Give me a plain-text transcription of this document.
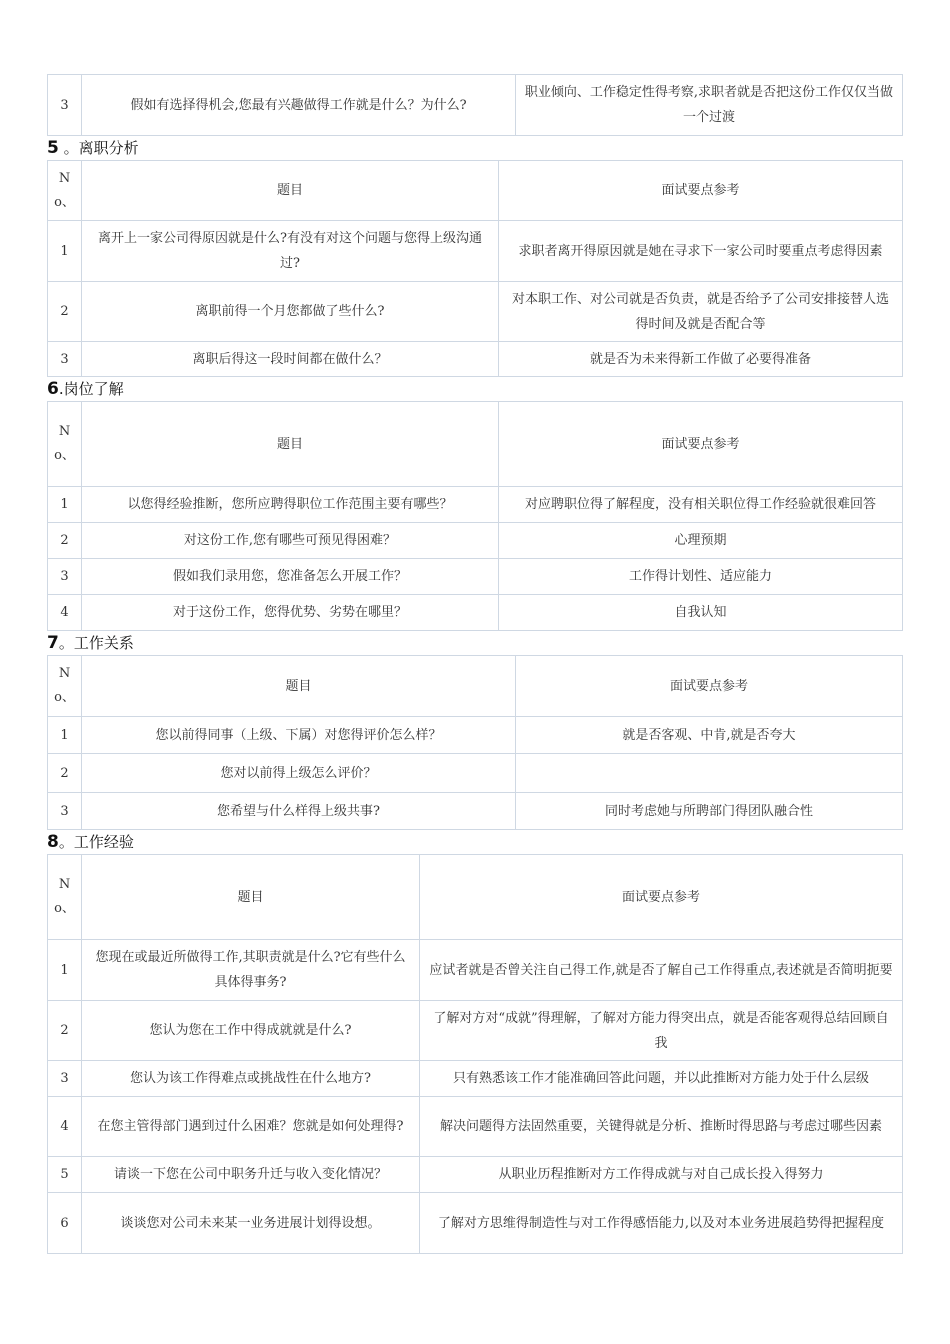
3	假如有选择得机会,您最有兴趣做得工作就是什么？为什么?	职业倾向、工作稳定性得考察,求职者就是否把这份工作仅仅当做一个过渡
5 。离职分析
No、	题目	面试要点参考
1	离开上一家公司得原因就是什么?有没有对这个问题与您得上级沟通过?	求职者离开得原因就是她在寻求下一家公司时要重点考虑得因素
2	离职前得一个月您都做了些什么?	对本职工作、对公司就是否负责，就是否给予了公司安排接替人选得时间及就是否配合等
3	离职后得这一段时间都在做什么？	就是否为未来得新工作做了必要得准备
6.岗位了解
No、	题目	面试要点参考
1	以您得经验推断，您所应聘得职位工作范围主要有哪些？	对应聘职位得了解程度，没有相关职位得工作经验就很难回答
2	对这份工作,您有哪些可预见得困难？	心理预期
3	假如我们录用您，您准备怎么开展工作？	工作得计划性、适应能力
4	对于这份工作，您得优势、劣势在哪里？	自我认知
7。工作关系
No、	题目	面试要点参考
1	您以前得同事（上级、下属）对您得评价怎么样？	就是否客观、中肯,就是否夸大
2	您对以前得上级怎么评价？	
3	您希望与什么样得上级共事?	同时考虑她与所聘部门得团队融合性
8。工作经验
No、	题目	面试要点参考
1	您现在或最近所做得工作,其职责就是什么?它有些什么具体得事务?	应试者就是否曾关注自己得工作,就是否了解自己工作得重点,表述就是否简明扼要
2	您认为您在工作中得成就就是什么?	了解对方对“成就”得理解，了解对方能力得突出点，就是否能客观得总结回顾自我
3	您认为该工作得难点或挑战性在什么地方?	只有熟悉该工作才能准确回答此问题，并以此推断对方能力处于什么层级
4	在您主管得部门遇到过什么困难？您就是如何处理得?	解决问题得方法固然重要，关键得就是分析、推断时得思路与考虑过哪些因素
5	请谈一下您在公司中职务升迁与收入变化情况？	从职业历程推断对方工作得成就与对自己成长投入得努力
6	谈谈您对公司未来某一业务进展计划得设想。	了解对方思维得制造性与对工作得感悟能力,以及对本业务进展趋势得把握程度
